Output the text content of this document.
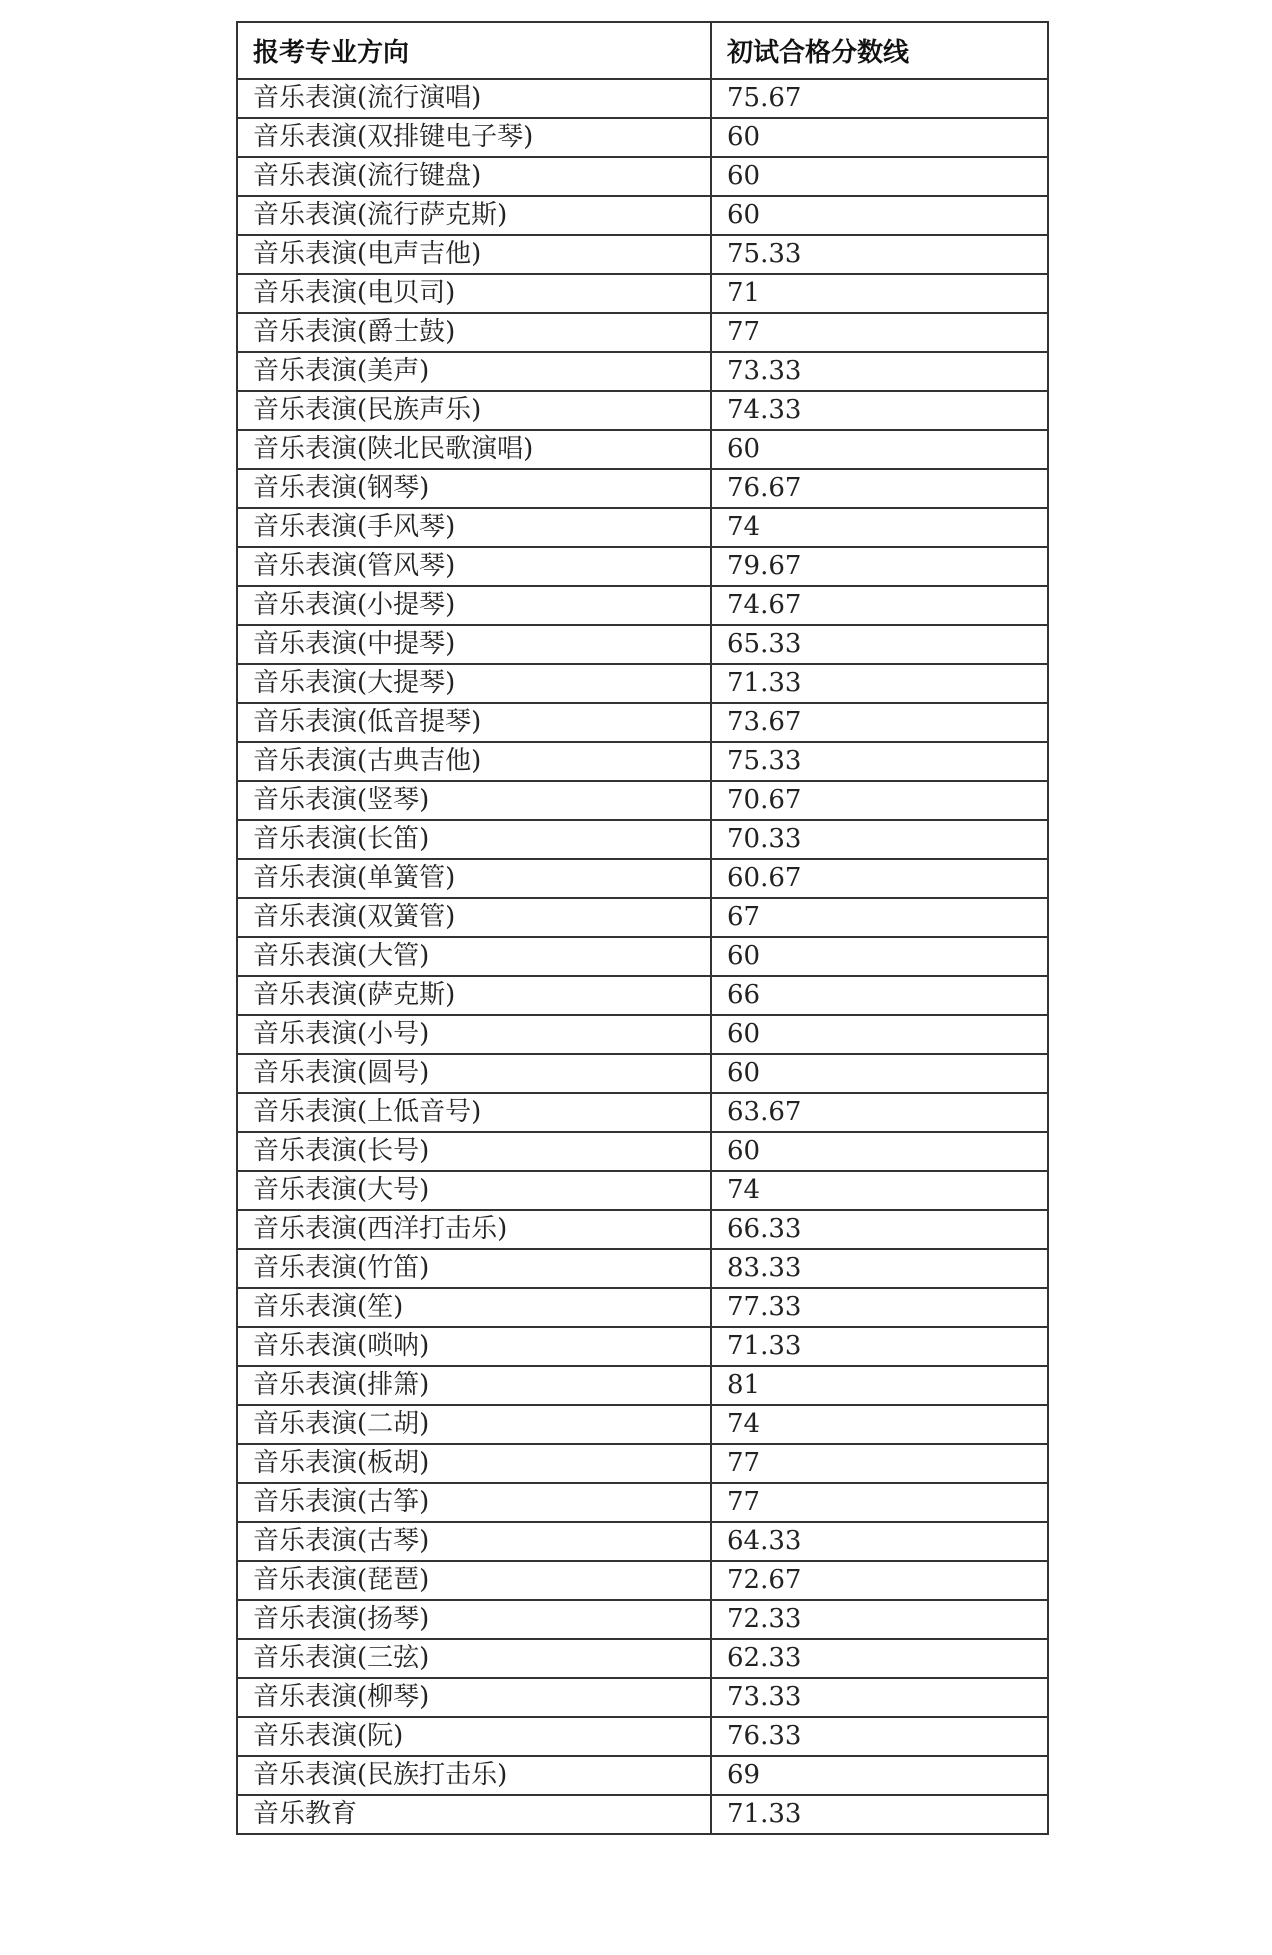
报考专业方向	初试合格分数线
音乐表演(流行演唱)	75.67
音乐表演(双排键电子琴)	60
音乐表演(流行键盘)	60
音乐表演(流行萨克斯)	60
音乐表演(电声吉他)	75.33
音乐表演(电贝司)	71
音乐表演(爵士鼓)	77
音乐表演(美声)	73.33
音乐表演(民族声乐)	74.33
音乐表演(陕北民歌演唱)	60
音乐表演(钢琴)	76.67
音乐表演(手风琴)	74
音乐表演(管风琴)	79.67
音乐表演(小提琴)	74.67
音乐表演(中提琴)	65.33
音乐表演(大提琴)	71.33
音乐表演(低音提琴)	73.67
音乐表演(古典吉他)	75.33
音乐表演(竖琴)	70.67
音乐表演(长笛)	70.33
音乐表演(单簧管)	60.67
音乐表演(双簧管)	67
音乐表演(大管)	60
音乐表演(萨克斯)	66
音乐表演(小号)	60
音乐表演(圆号)	60
音乐表演(上低音号)	63.67
音乐表演(长号)	60
音乐表演(大号)	74
音乐表演(西洋打击乐)	66.33
音乐表演(竹笛)	83.33
音乐表演(笙)	77.33
音乐表演(唢呐)	71.33
音乐表演(排箫)	81
音乐表演(二胡)	74
音乐表演(板胡)	77
音乐表演(古筝)	77
音乐表演(古琴)	64.33
音乐表演(琵琶)	72.67
音乐表演(扬琴)	72.33
音乐表演(三弦)	62.33
音乐表演(柳琴)	73.33
音乐表演(阮)	76.33
音乐表演(民族打击乐)	69
音乐教育	71.33
